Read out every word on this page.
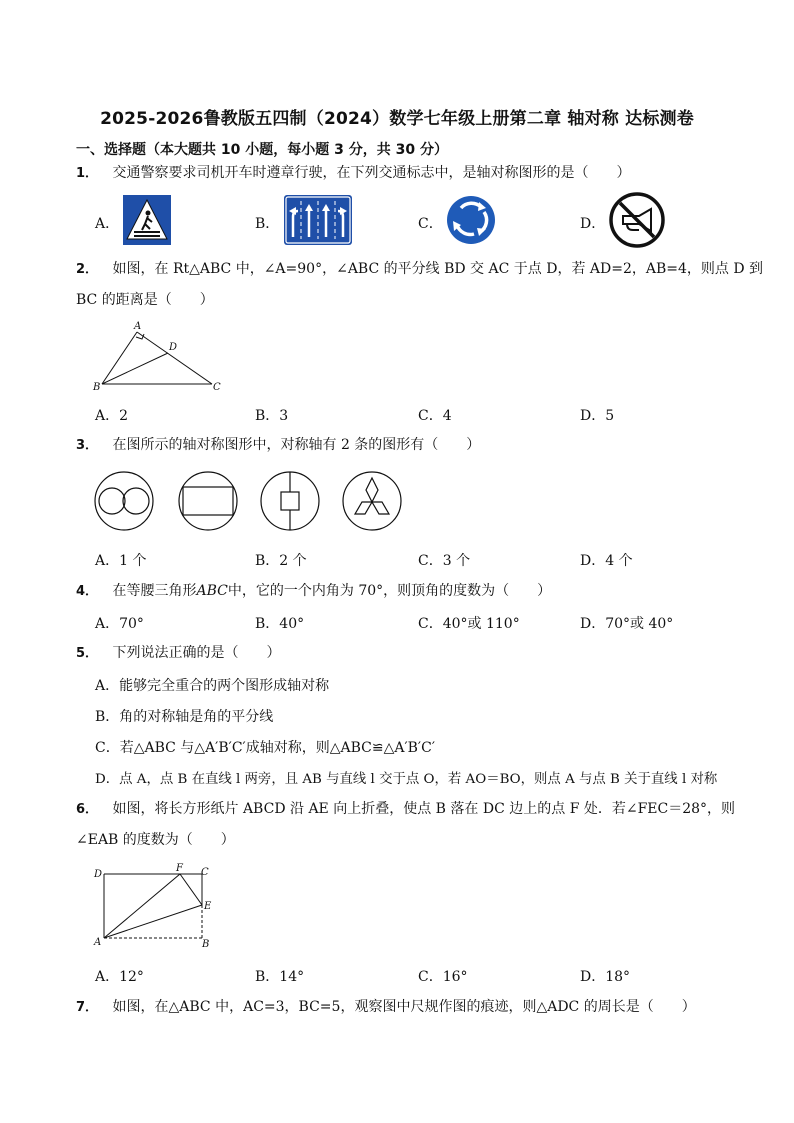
2025-2026鲁教版五四制（2024）数学七年级上册第二章 轴对称 达标测卷
一、选择题（本大题共 10 小题，每小题 3 分，共 30 分）
1． 交通警察要求司机开车时遵章行驶，在下列交通标志中，是轴对称图形的是（　　）
A．	B．	C．	D．
2． 如图，在 Rt△ABC 中，∠A=90°，∠ABC 的平分线 BD 交 AC 于点 D，若 AD=2，AB=4，则点 D 到
BC 的距离是（　　）
A
D
B	C
A．2	B．3	C．4	D．5
3． 在图所示的轴对称图形中，对称轴有 2 条的图形有（　　）
A．1 个	B．2 个	C．3 个	D．4 个
4． 在等腰三角形ABC中，它的一个内角为 70°，则顶角的度数为（　　）
A．70°	B．40°	C．40°或 110°	D．70°或 40°
5． 下列说法正确的是（　　）
A．能够完全重合的两个图形成轴对称
B．角的对称轴是角的平分线
C．若△ABC 与△A′B′C′成轴对称，则△ABC≌△A′B′C′
D．点 A，点 B 在直线 l 两旁，且 AB 与直线 l 交于点 O，若 AO＝BO，则点 A 与点 B 关于直线 l 对称
6． 如图，将长方形纸片 ABCD 沿 AE 向上折叠，使点 B 落在 DC 边上的点 F 处．若∠FEC＝28°，则
∠EAB 的度数为（　　）
D
F C
E
A	B
A．12°	B．14°	C．16°	D．18°
7． 如图，在△ABC 中，AC=3，BC=5，观察图中尺规作图的痕迹，则△ADC 的周长是（　　）
